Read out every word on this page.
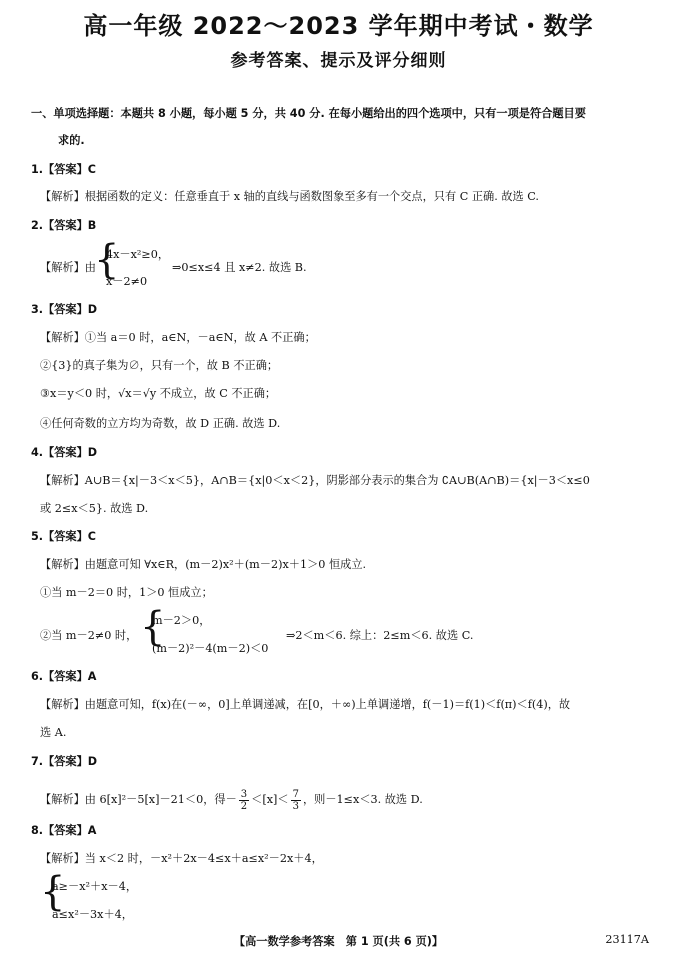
高一年级 2022～2023 学年期中考试・数学
参考答案、提示及评分细则
一、单项选择题：本题共 8 小题，每小题 5 分，共 40 分. 在每小题给出的四个选项中，只有一项是符合题目要
求的.
1.【答案】C
【解析】根据函数的定义：任意垂直于 x 轴的直线与函数图象至多有一个交点，只有 C 正确. 故选 C.
2.【答案】B
【解析】由
{
4x－x²≥0，
x－2≠0
⇒0≤x≤4 且 x≠2. 故选 B.
3.【答案】D
【解析】①当 a＝0 时，a∈N，－a∈N，故 A 不正确；
②{3}的真子集为∅，只有一个，故 B 不正确；
③x＝y＜0 时，√x＝√y 不成立，故 C 不正确；
④任何奇数的立方均为奇数，故 D 正确. 故选 D.
4.【答案】D
【解析】A∪B＝{x|－3＜x＜5}，A∩B＝{x|0＜x＜2}，阴影部分表示的集合为 ∁A∪B(A∩B)＝{x|－3＜x≤0
或 2≤x＜5}. 故选 D.
5.【答案】C
【解析】由题意可知 ∀x∈R，(m－2)x²＋(m－2)x＋1＞0 恒成立.
①当 m－2＝0 时，1＞0 恒成立；
②当 m－2≠0 时， {
m－2＞0，
(m－2)²－4(m－2)＜0
⇒2＜m＜6. 综上：2≤m＜6. 故选 C.
6.【答案】A
【解析】由题意可知，f(x)在(－∞，0]上单调递减，在[0，＋∞)上单调递增，f(－1)＝f(1)＜f(π)＜f(4)，故
选 A.
7.【答案】D
【解析】由 6[x]²－5[x]－21＜0，得－ $\frac{3}{2} <[x]< \frac{7}{3}$ ，则－1≤x＜3. 故选 D.
8.【答案】A
【解析】当 x＜2 时，－x²＋2x－4≤x＋a≤x²－2x＋4，
{
a≥－x²＋x－4，
a≤x²－3x＋4，
【高一数学参考答案　第 1 页(共 6 页)】	23117A
